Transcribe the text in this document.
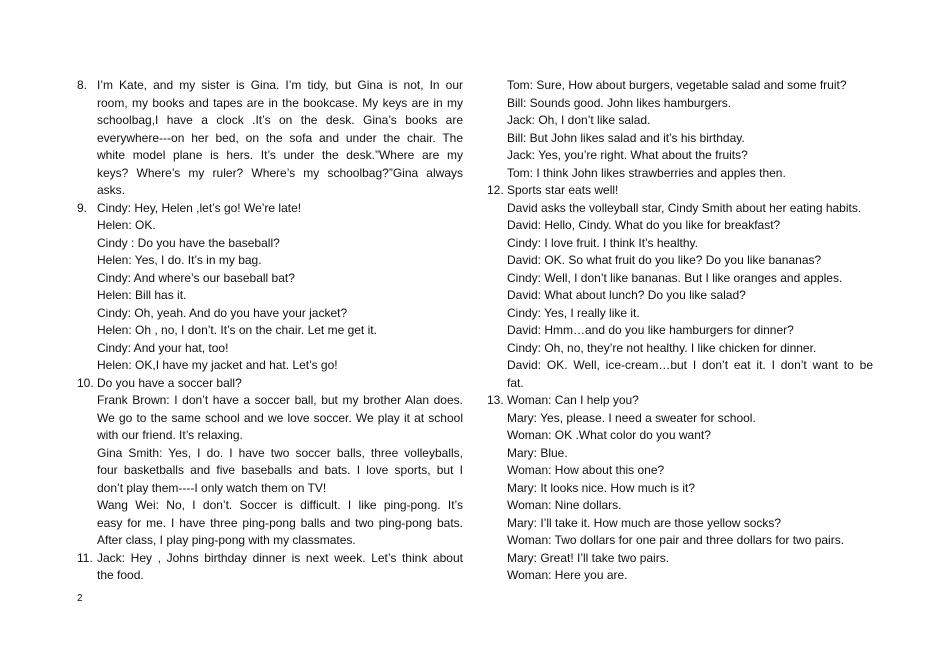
8. I’m Kate, and my sister is Gina. I’m tidy, but Gina is not, In our
room, my books and tapes are in the bookcase. My keys are in my
schoolbag,I have a clock .It’s on the desk. Gina’s books are
everywhere---on her bed, on the sofa and under the chair. The
white model plane is hers. It’s under the desk.”Where are my
keys? Where’s my ruler? Where’s my schoolbag?”Gina always
asks.
9. Cindy: Hey, Helen ,let’s go! We’re late!
Helen: OK.
Cindy : Do you have the baseball?
Helen: Yes, I do. It’s in my bag.
Cindy: And where’s our baseball bat?
Helen: Bill has it.
Cindy: Oh, yeah. And do you have your jacket?
Helen: Oh , no, I don’t. It’s on the chair. Let me get it.
Cindy: And your hat, too!
Helen: OK,I have my jacket and hat. Let’s go!
10. Do you have a soccer ball?
Frank Brown: I don’t have a soccer ball, but my brother Alan does.
We go to the same school and we love soccer. We play it at school
with our friend. It’s relaxing.
Gina Smith: Yes, I do. I have two soccer balls, three volleyballs,
four basketballs and five baseballs and bats. I love sports, but I
don’t play them----I only watch them on TV!
Wang Wei: No, I don’t. Soccer is difficult. I like ping-pong. It’s
easy for me. I have three ping-pong balls and two ping-pong bats.
After class, I play ping-pong with my classmates.
11. Jack: Hey , Johns birthday dinner is next week. Let’s think about
the food.
Tom: Sure, How about burgers, vegetable salad and some fruit?
Bill: Sounds good. John likes hamburgers.
Jack: Oh, I don’t like salad.
Bill: But John likes salad and it’s his birthday.
Jack: Yes, you’re right. What about the fruits?
Tom: I think John likes strawberries and apples then.
12. Sports star eats well!
David asks the volleyball star, Cindy Smith about her eating habits.
David: Hello, Cindy. What do you like for breakfast?
Cindy: I love fruit. I think It’s healthy.
David: OK. So what fruit do you like? Do you like bananas?
Cindy: Well, I don’t like bananas. But I like oranges and apples.
David: What about lunch? Do you like salad?
Cindy: Yes, I really like it.
David: Hmm…and do you like hamburgers for dinner?
Cindy: Oh, no, they’re not healthy. I like chicken for dinner.
David: OK. Well, ice-cream…but I don’t eat it. I don’t want to be
fat.
13. Woman: Can I help you?
Mary: Yes, please. I need a sweater for school.
Woman: OK .What color do you want?
Mary: Blue.
Woman: How about this one?
Mary: It looks nice. How much is it?
Woman: Nine dollars.
Mary: I’ll take it. How much are those yellow socks?
Woman: Two dollars for one pair and three dollars for two pairs.
Mary: Great! I’ll take two pairs.
Woman: Here you are.
2
